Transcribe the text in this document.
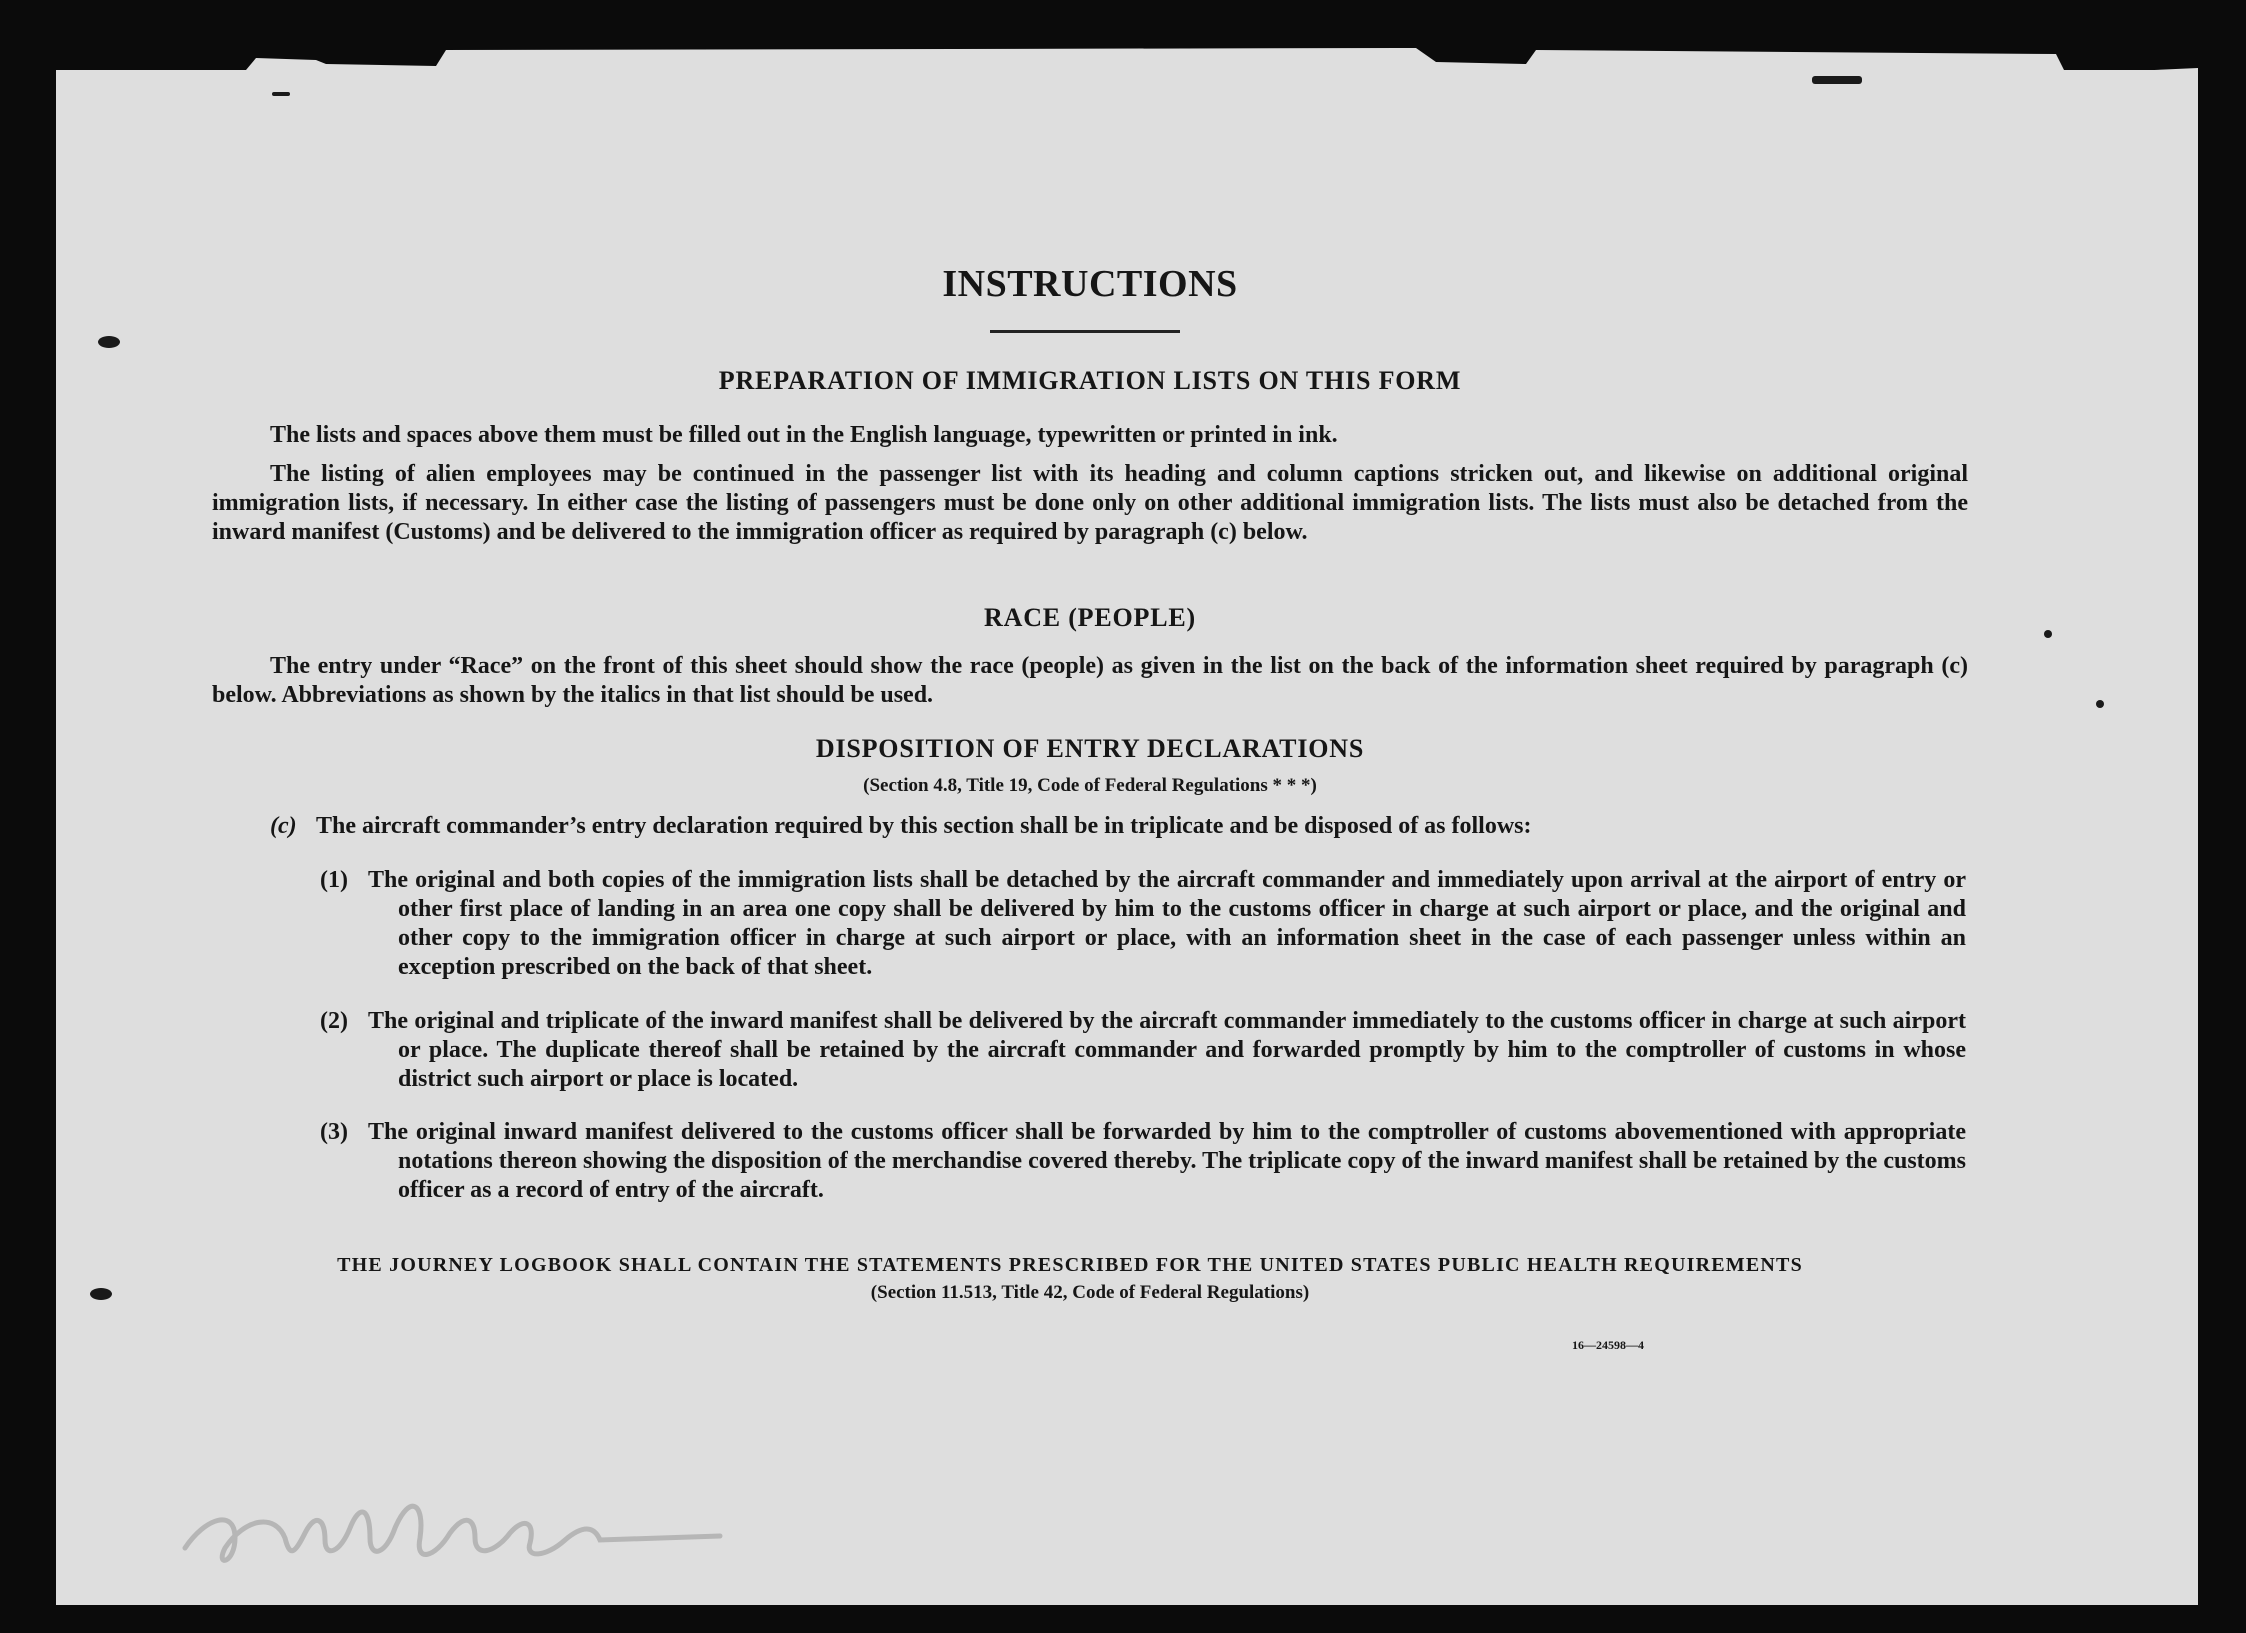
INSTRUCTIONS
PREPARATION OF IMMIGRATION LISTS ON THIS FORM
The lists and spaces above them must be filled out in the English language, typewritten or printed in ink.
The listing of alien employees may be continued in the passenger list with its heading and column captions stricken out, and likewise on additional original immigration lists, if necessary. In either case the listing of passengers must be done only on other additional immigration lists. The lists must also be detached from the inward manifest (Customs) and be delivered to the immigration officer as required by paragraph (c) below.
RACE (PEOPLE)
The entry under “Race” on the front of this sheet should show the race (people) as given in the list on the back of the information sheet required by paragraph (c) below. Abbreviations as shown by the italics in that list should be used.
DISPOSITION OF ENTRY DECLARATIONS
(Section 4.8, Title 19, Code of Federal Regulations * * *)
(c) The aircraft commander’s entry declaration required by this section shall be in triplicate and be disposed of as follows:
(1) The original and both copies of the immigration lists shall be detached by the aircraft commander and immediately upon arrival at the airport of entry or other first place of landing in an area one copy shall be delivered by him to the customs officer in charge at such airport or place, and the original and other copy to the immigration officer in charge at such airport or place, with an information sheet in the case of each passenger unless within an exception prescribed on the back of that sheet.
(2) The original and triplicate of the inward manifest shall be delivered by the aircraft commander immediately to the customs officer in charge at such airport or place. The duplicate thereof shall be retained by the aircraft commander and forwarded promptly by him to the comptroller of customs in whose district such airport or place is located.
(3) The original inward manifest delivered to the customs officer shall be forwarded by him to the comptroller of customs abovementioned with appropriate notations thereon showing the disposition of the merchandise covered thereby. The triplicate copy of the inward manifest shall be retained by the customs officer as a record of entry of the aircraft.
THE JOURNEY LOGBOOK SHALL CONTAIN THE STATEMENTS PRESCRIBED FOR THE UNITED STATES PUBLIC HEALTH REQUIREMENTS
(Section 11.513, Title 42, Code of Federal Regulations)
16—24598—4
